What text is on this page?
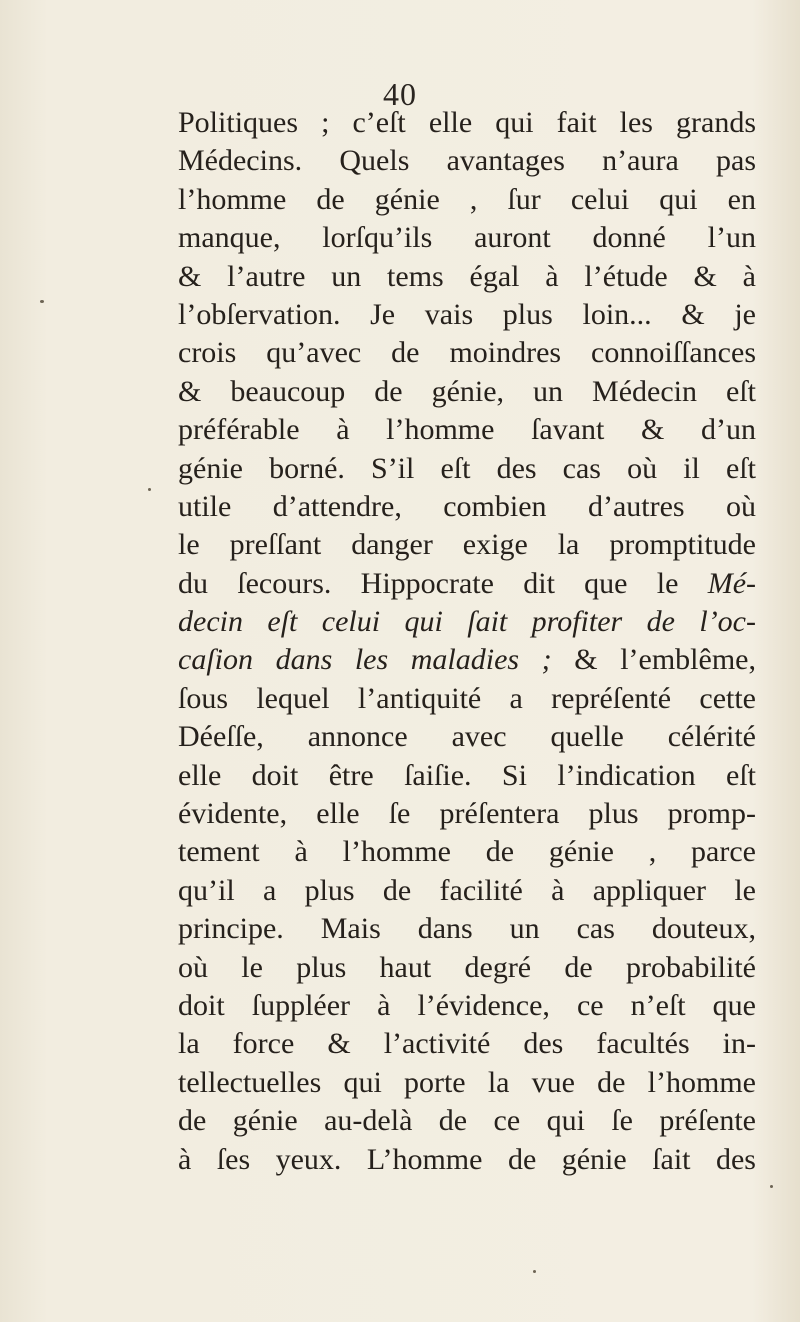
40
Politiques ; c’eſt elle qui fait les grands
Médecins. Quels avantages n’aura pas
l’homme de génie , ſur celui qui en
manque, lorſqu’ils auront donné l’un
& l’autre un tems égal à l’étude & à
l’obſervation. Je vais plus loin... & je
crois qu’avec de moindres connoiſſances
& beaucoup de génie, un Médecin eſt
préférable à l’homme ſavant & d’un
génie borné. S’il eſt des cas où il eſt
utile d’attendre, combien d’autres où
le preſſant danger exige la promptitude
du ſecours. Hippocrate dit que le Mé-
decin eſt celui qui ſait profiter de l’oc-
caſion dans les maladies ; & l’emblême,
ſous lequel l’antiquité a repréſenté cette
Déeſſe, annonce avec quelle célérité
elle doit être ſaiſie. Si l’indication eſt
évidente, elle ſe préſentera plus promp-
tement à l’homme de génie , parce
qu’il a plus de facilité à appliquer le
principe. Mais dans un cas douteux,
où le plus haut degré de probabilité
doit ſuppléer à l’évidence, ce n’eſt que
la force & l’activité des facultés in-
tellectuelles qui porte la vue de l’homme
de génie au-delà de ce qui ſe préſente
à ſes yeux. L’homme de génie ſait des
